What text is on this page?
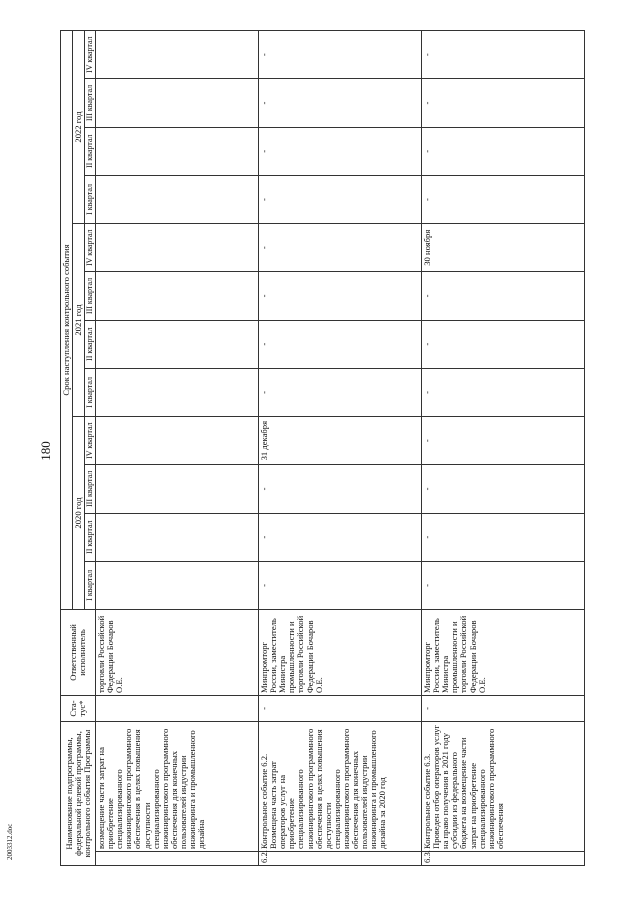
180
2003312.doc	Наименование подпрограммы, федеральной целевой программы, контрольного события Программы		Ста- тус*	Ответственный исполнитель	Срок наступления контрольного события											
				2020 год				2021 год				2022 год			
				I квартал	II квартал	III квартал	IV квартал	I квартал	II квартал	III квартал	IV квартал	I квартал	II квартал	III квартал	IV квартал
	возмещение части затрат на приобретение специализированного инжинирингового программного обеспечения в целях повышения доступности специализированного инжинирингового программного обеспечения для конечных пользователей индустрии инжиниринга и промышленного дизайна		торговли Российской Федерации Бочаров О.Е.												
6.2.	Контрольное событие 6.2. Возмещена часть затрат операторов услуг на приобретение специализированного инжинирингового программного обеспечения в целях повышения доступности специализированного инжинирингового программного обеспечения для конечных пользователей индустрии инжиниринга и промышленного дизайна за 2020 год	-	Минпромторг России, заместитель Министра промышленности и торговли Российской Федерации Бочаров О.Е.	-	-	-	31 декабря	-	-	-	-	-	-	-	-
6.3.	Контрольное событие 6.3. Проведен отбор операторов услуг на право получения в 2021 году субсидии из федерального бюджета на возмещение части затрат на приобретение специализированного инжинирингового программного обеспечения	-	Минпромторг России, заместитель Министра промышленности и торговли Российской Федерации Бочаров О.Е.	-	-	-	-	-	-	-	30 ноября	-	-	-	-
